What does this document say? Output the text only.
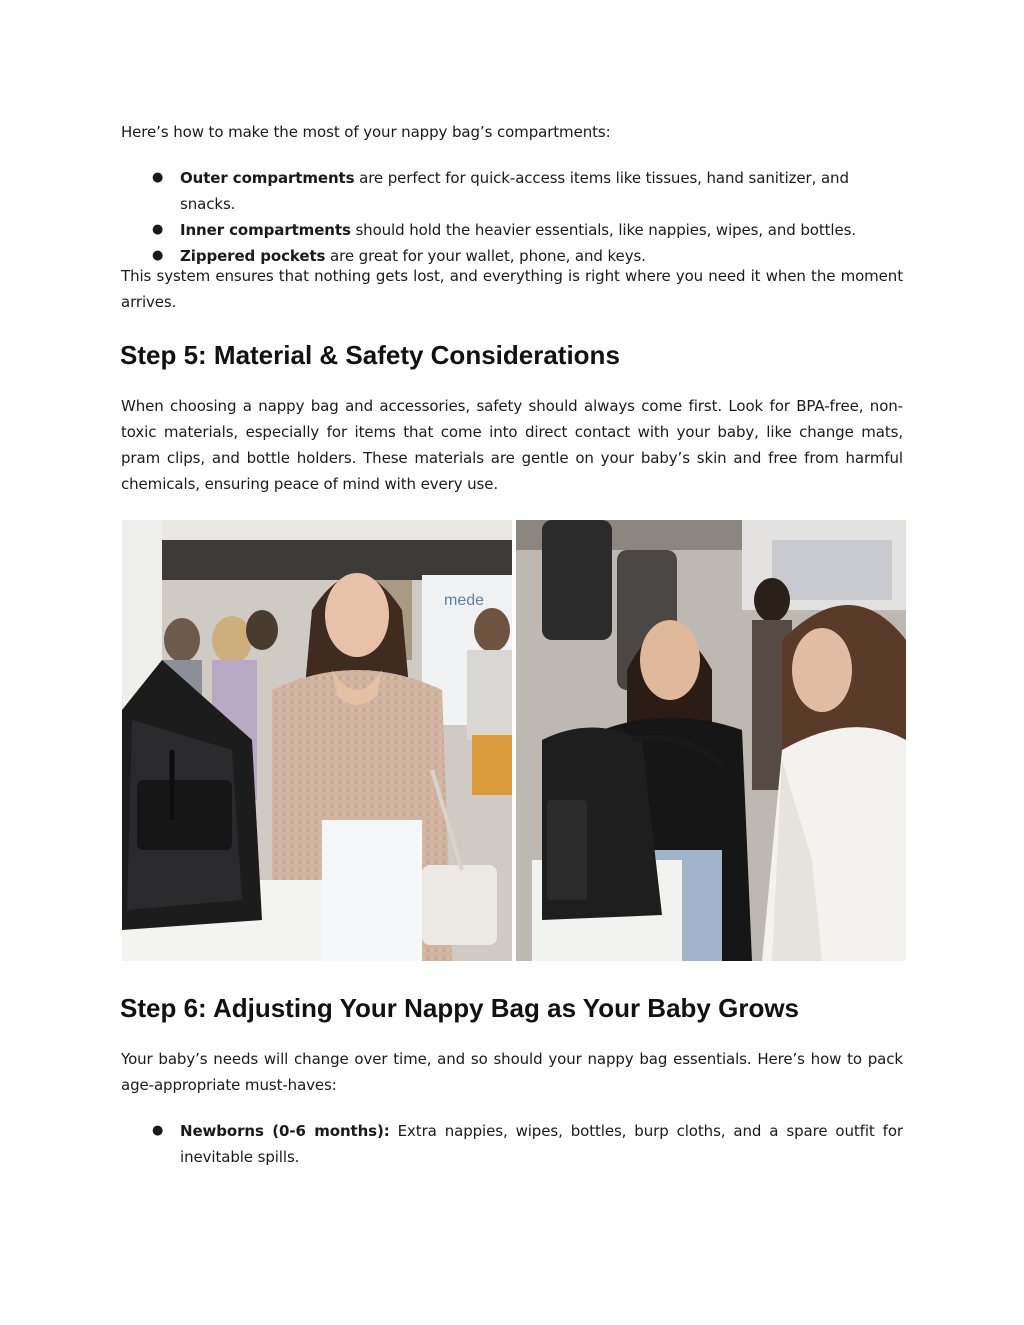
Here’s how to make the most of your nappy bag’s compartments:

● Outer compartments are perfect for quick-access items like tissues, hand sanitizer, and snacks.
● Inner compartments should hold the heavier essentials, like nappies, wipes, and bottles.
● Zippered pockets are great for your wallet, phone, and keys.

This system ensures that nothing gets lost, and everything is right where you need it when the moment arrives.

Step 5: Material & Safety Considerations

When choosing a nappy bag and accessories, safety should always come first. Look for BPA-free, non-toxic materials, especially for items that come into direct contact with your baby, like change mats, pram clips, and bottle holders. These materials are gentle on your baby’s skin and free from harmful chemicals, ensuring peace of mind with every use.

mede
Step 6: Adjusting Your Nappy Bag as Your Baby Grows

Your baby’s needs will change over time, and so should your nappy bag essentials. Here’s how to pack age-appropriate must-haves:

● Newborns (0-6 months): Extra nappies, wipes, bottles, burp cloths, and a spare outfit for inevitable spills.
